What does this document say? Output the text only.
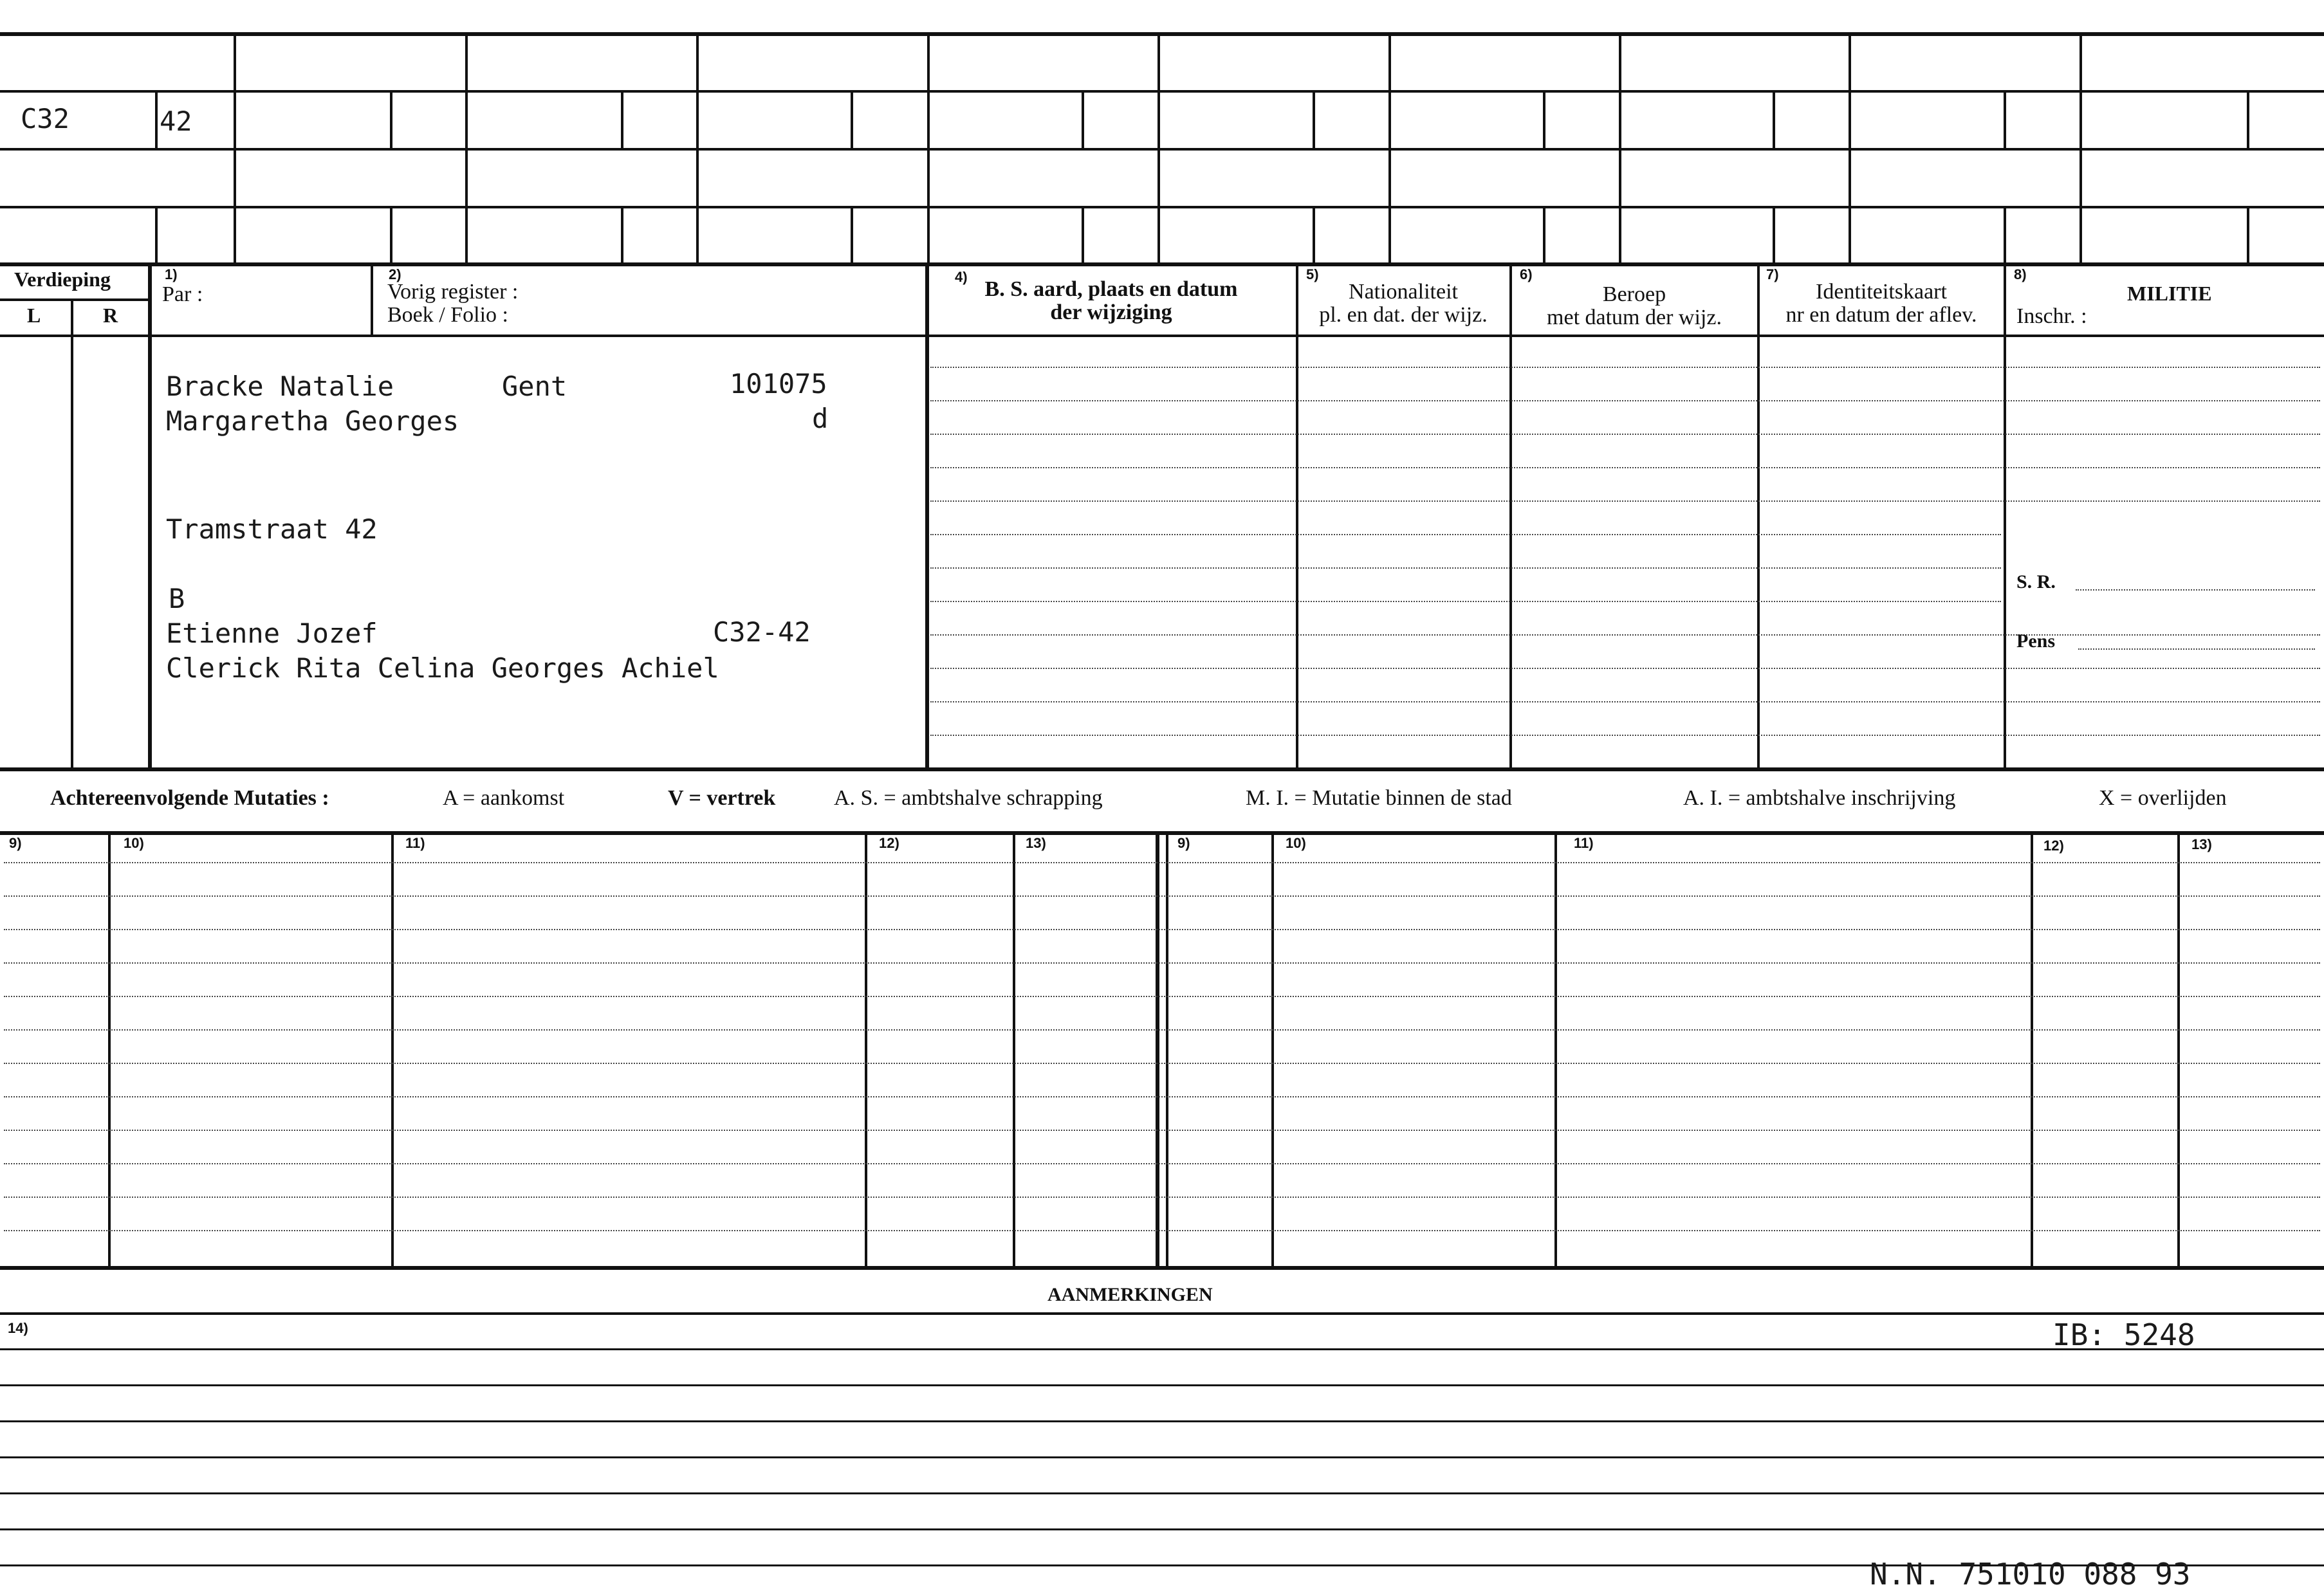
C32	42
Verdieping
L	R
1)
Par :
2)
Vorig register :
Boek / Folio :
4)
B. S. aard, plaats en datum
der wijziging
5)
Nationaliteit
pl. en dat. der wijz.
6)
Beroep
met datum der wijz.
7)
Identiteitskaart
nr en datum der aflev.
8)
MILITIE
Inschr. :
S. R.
Pens
Bracke Natalie	Gent	101075
Margaretha Georges	d
Tramstraat 42
B
Etienne Jozef	C32-42
Clerick Rita Celina Georges Achiel
Achtereenvolgende Mutaties :	A = aankomst	V = vertrek	A. S. = ambtshalve schrapping	M. I. = Mutatie binnen de stad	A. I. = ambtshalve inschrijving	X = overlijden
9)	10)	11)	12)	13)	9)	10)	11)	12)	13)
AANMERKINGEN
14)	IB: 5248
N.N. 751010 088 93
